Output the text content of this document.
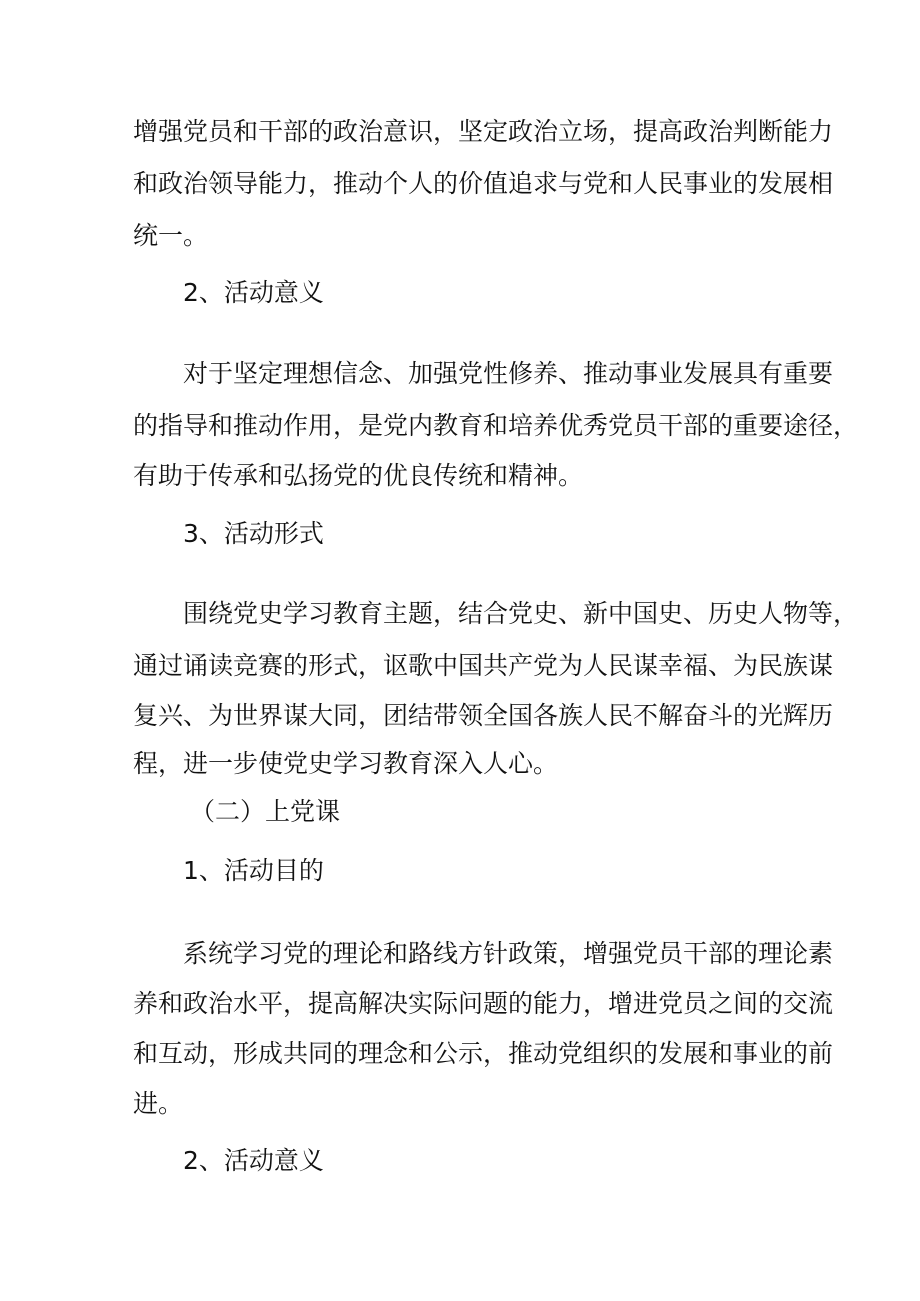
增强党员和干部的政治意识，坚定政治立场，提高政治判断能力

和政治领导能力，推动个人的价值追求与党和人民事业的发展相

统一。

2、活动意义

对于坚定理想信念、加强党性修养、推动事业发展具有重要

的指导和推动作用，是党内教育和培养优秀党员干部的重要途径，

有助于传承和弘扬党的优良传统和精神。

3、活动形式

围绕党史学习教育主题，结合党史、新中国史、历史人物等，

通过诵读竞赛的形式，讴歌中国共产党为人民谋幸福、为民族谋

复兴、为世界谋大同，团结带领全国各族人民不解奋斗的光辉历

程，进一步使党史学习教育深入人心。

（二）上党课

1、活动目的

系统学习党的理论和路线方针政策，增强党员干部的理论素

养和政治水平，提高解决实际问题的能力，增进党员之间的交流

和互动，形成共同的理念和公示，推动党组织的发展和事业的前

进。

2、活动意义
